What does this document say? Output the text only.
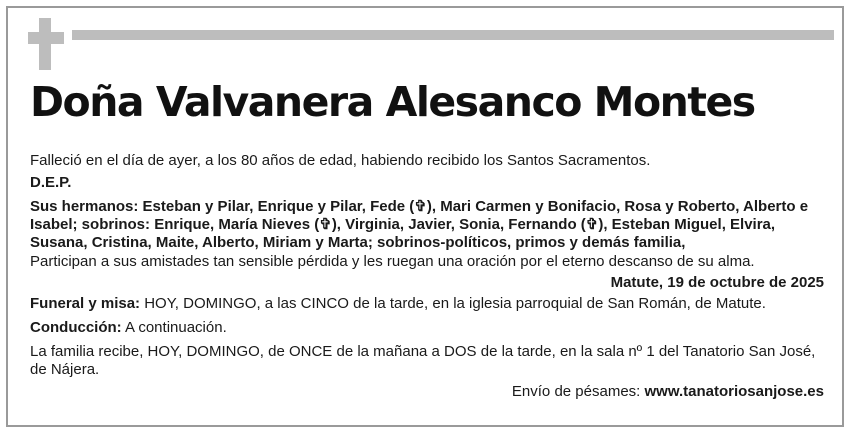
Doña Valvanera Alesanco Montes

Falleció en el día de ayer, a los 80 años de edad, habiendo recibido los Santos Sacramentos.

D.E.P.

Sus hermanos: Esteban y Pilar, Enrique y Pilar, Fede (✞), Mari Carmen y Bonifacio, Rosa y Roberto, Alberto e Isabel; sobrinos: Enrique, María Nieves (✞), Virginia, Javier, Sonia, Fernando (✞), Esteban Miguel, Elvira, Susana, Cristina, Maite, Alberto, Miriam y Marta; sobrinos-políticos, primos y demás familia,

Participan a sus amistades tan sensible pérdida y les ruegan una oración por el eterno descanso de su alma.

Matute, 19 de octubre de 2025

Funeral y misa: HOY, DOMINGO, a las CINCO de la tarde, en la iglesia parroquial de San Román, de Matute.

Conducción: A continuación.

La familia recibe, HOY, DOMINGO, de ONCE de la mañana a DOS de la tarde, en la sala nº 1 del Tanatorio San José, de Nájera.

Envío de pésames: www.tanatoriosanjose.es
